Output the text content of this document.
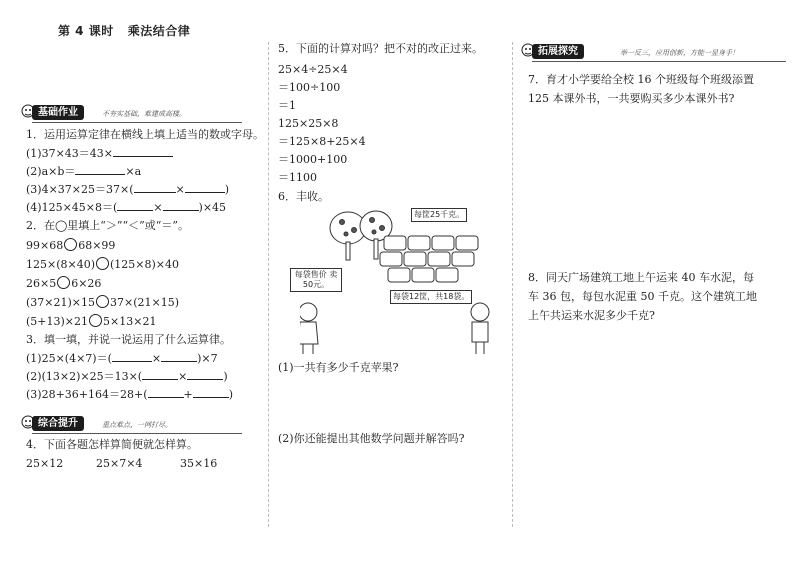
第 4 课时 乘法结合律
基础作业	不夯实基础，难建成高楼。
1．运用运算定律在横线上填上适当的数或字母。
(1)37×43＝43×
(2)a×b＝	×a
(3)4×37×25＝37×(	×	)
(4)125×45×8＝(	×	)×45
2．在◯里填上“＞”“＜”或“＝”。
99×68 68×99
125×(8×40) (125×8)×40
26×5 6×26
(37×21)×15 37×(21×15)
(5+13)×21 5×13×21
3．填一填，并说一说运用了什么运算律。
(1)25×(4×7)＝(	×	)×7
(2)(13×2)×25＝13×(	×	)
(3)28+36+164＝28+(	+	)
综合提升	重点难点，一网打尽。
4．下面各题怎样算简便就怎样算。
25×12	25×7×4	35×16
5．下面的计算对吗？把不对的改正过来。
25×4÷25×4
＝100÷100
＝1
125×25×8
＝125×8+25×4
＝1000+100
＝1100
6．丰收。
每筐25千克。
每袋售价 卖50元。
每袋12筐，共18袋。
(1)一共有多少千克苹果?
(2)你还能提出其他数学问题并解答吗?
拓展探究	举一反三，应用创新，方能一显身手！
7．育才小学要给全校 16 个班级每个班级添置
125 本课外书，一共要购买多少本课外书?
8．同天广场建筑工地上午运来 40 车水泥，每
车 36 包，每包水泥重 50 千克。这个建筑工地
上午共运来水泥多少千克?
